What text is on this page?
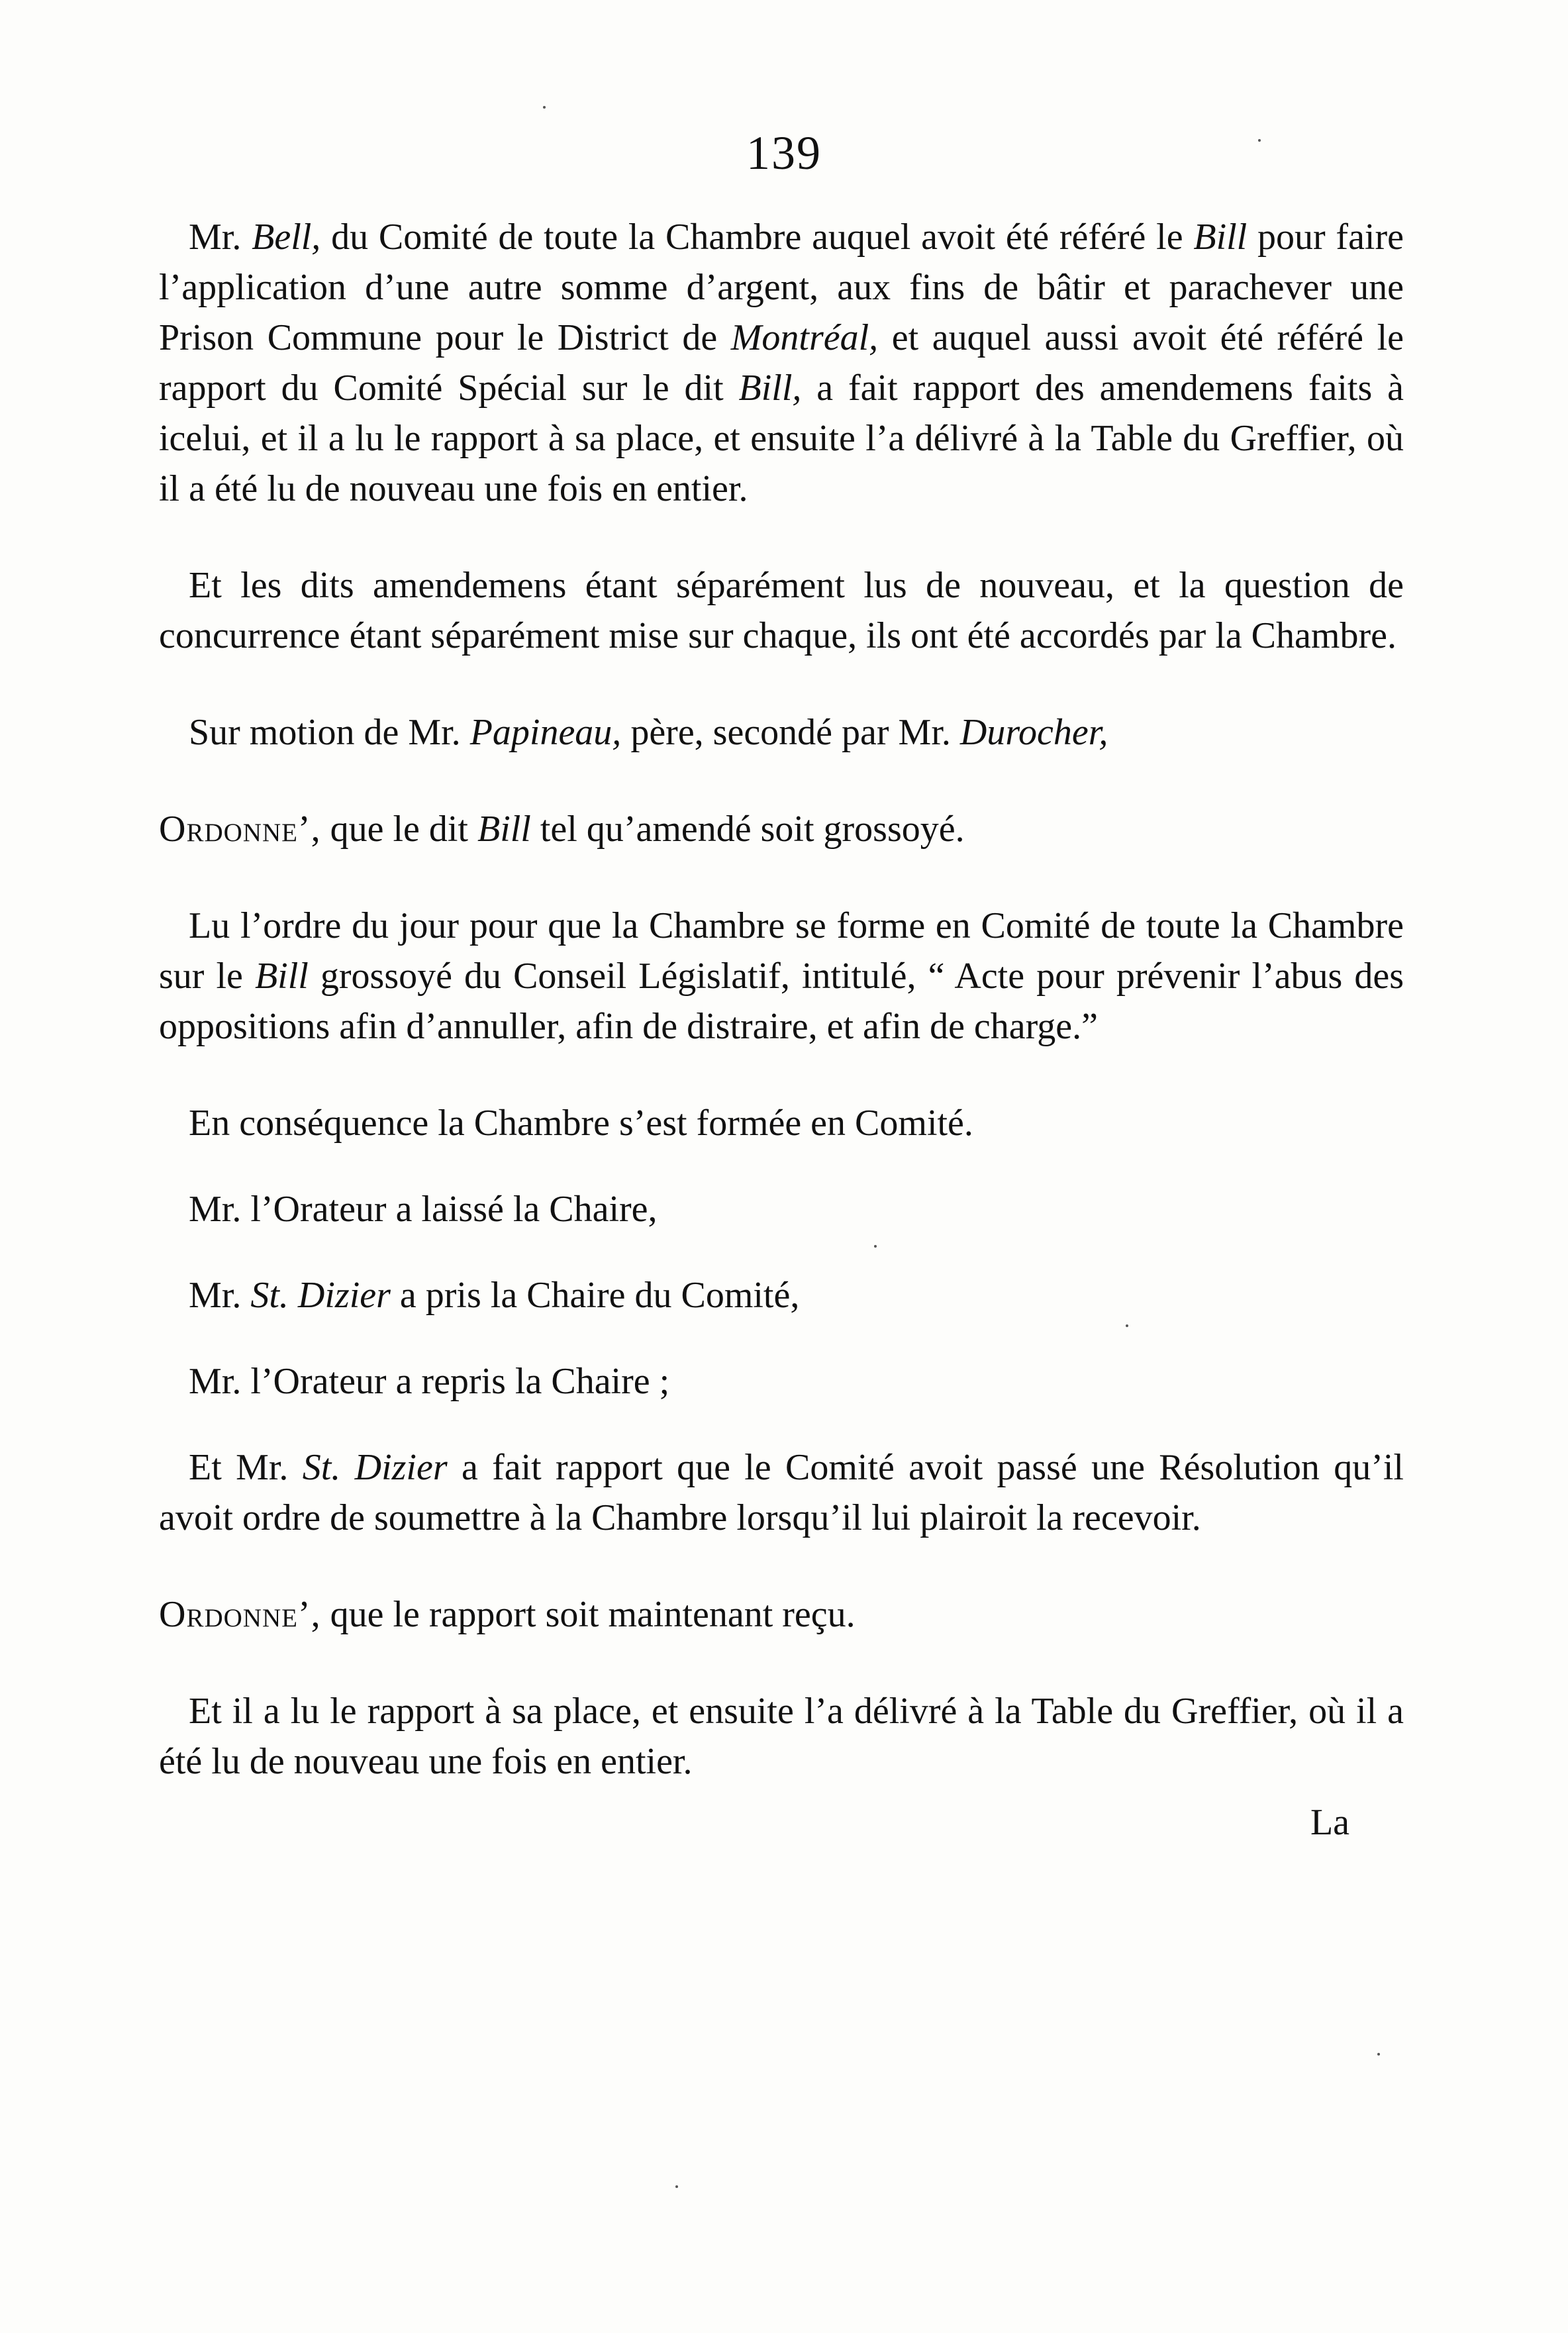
139

Mr. Bell, du Comité de toute la Chambre auquel avoit été référé le Bill pour faire l’application d’une autre somme d’argent, aux fins de bâtir et parachever une Prison Commune pour le District de Montréal, et auquel aussi avoit été référé le rapport du Comité Spécial sur le dit Bill, a fait rapport des amendemens faits à icelui, et il a lu le rapport à sa place, et ensuite l’a délivré à la Table du Greffier, où il a été lu de nouveau une fois en entier.

Et les dits amendemens étant séparément lus de nouveau, et la question de concurrence étant séparément mise sur chaque, ils ont été accordés par la Chambre.

Sur motion de Mr. Papineau, père, secondé par Mr. Durocher,

Ordonne’, que le dit Bill tel qu’amendé soit grossoyé.

Lu l’ordre du jour pour que la Chambre se forme en Comité de toute la Chambre sur le Bill grossoyé du Conseil Législatif, intitulé, “ Acte pour prévenir l’abus des oppositions afin d’annuller, afin de distraire, et afin de charge.”

En conséquence la Chambre s’est formée en Comité.

Mr. l’Orateur a laissé la Chaire,

Mr. St. Dizier a pris la Chaire du Comité,

Mr. l’Orateur a repris la Chaire ;

Et Mr. St. Dizier a fait rapport que le Comité avoit passé une Résolution qu’il avoit ordre de soumettre à la Chambre lorsqu’il lui plairoit la recevoir.

Ordonne’, que le rapport soit maintenant reçu.

Et il a lu le rapport à sa place, et ensuite l’a délivré à la Table du Greffier, où il a été lu de nouveau une fois en entier.

La
